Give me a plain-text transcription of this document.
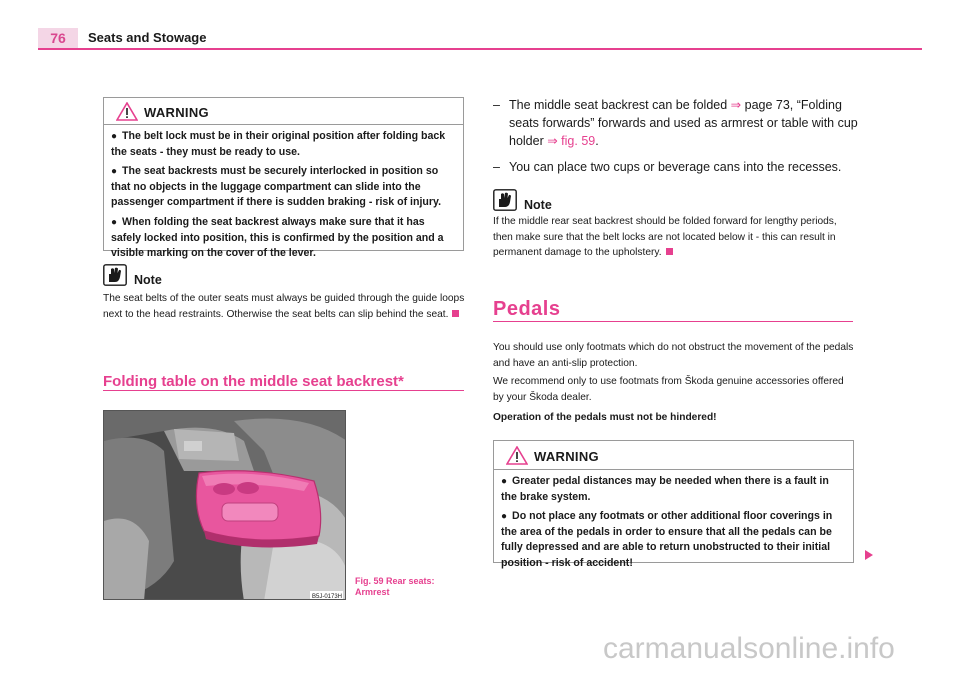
76	Seats and Stowage
WARNING

● The belt lock must be in their original position after folding back the seats - they must be ready to use.

● The seat backrests must be securely interlocked in position so that no objects in the luggage compartment can slide into the passenger compartment if there is sudden braking - risk of injury.

● When folding the seat backrest always make sure that it has safely locked into position, this is confirmed by the position and a visible marking on the cover of the lever.

Note
The seat belts of the outer seats must always be guided through the guide loops next to the head restraints. Otherwise the seat belts can slip behind the seat.
Folding table on the middle seat backrest*
B5J-0173H
Fig. 59 Rear seats:
Armrest
– The middle seat backrest can be folded ⇒ page 73, “Folding seats forwards” forwards and used as armrest or table with cup holder ⇒ fig. 59.
– You can place two cups or beverage cans into the recesses.
Note
If the middle rear seat backrest should be folded forward for lengthy periods, then make sure that the belt locks are not located below it - this can result in permanent damage to the upholstery.
Pedals
You should use only footmats which do not obstruct the movement of the pedals and have an anti-slip protection.
We recommend only to use footmats from Škoda genuine accessories offered by your Škoda dealer.
Operation of the pedals must not be hindered!
WARNING

● Greater pedal distances may be needed when there is a fault in the brake system.

● Do not place any footmats or other additional floor coverings in the area of the pedals in order to ensure that all the pedals can be fully depressed and are able to return unobstructed to their initial position - risk of accident!

carmanualsonline.info
